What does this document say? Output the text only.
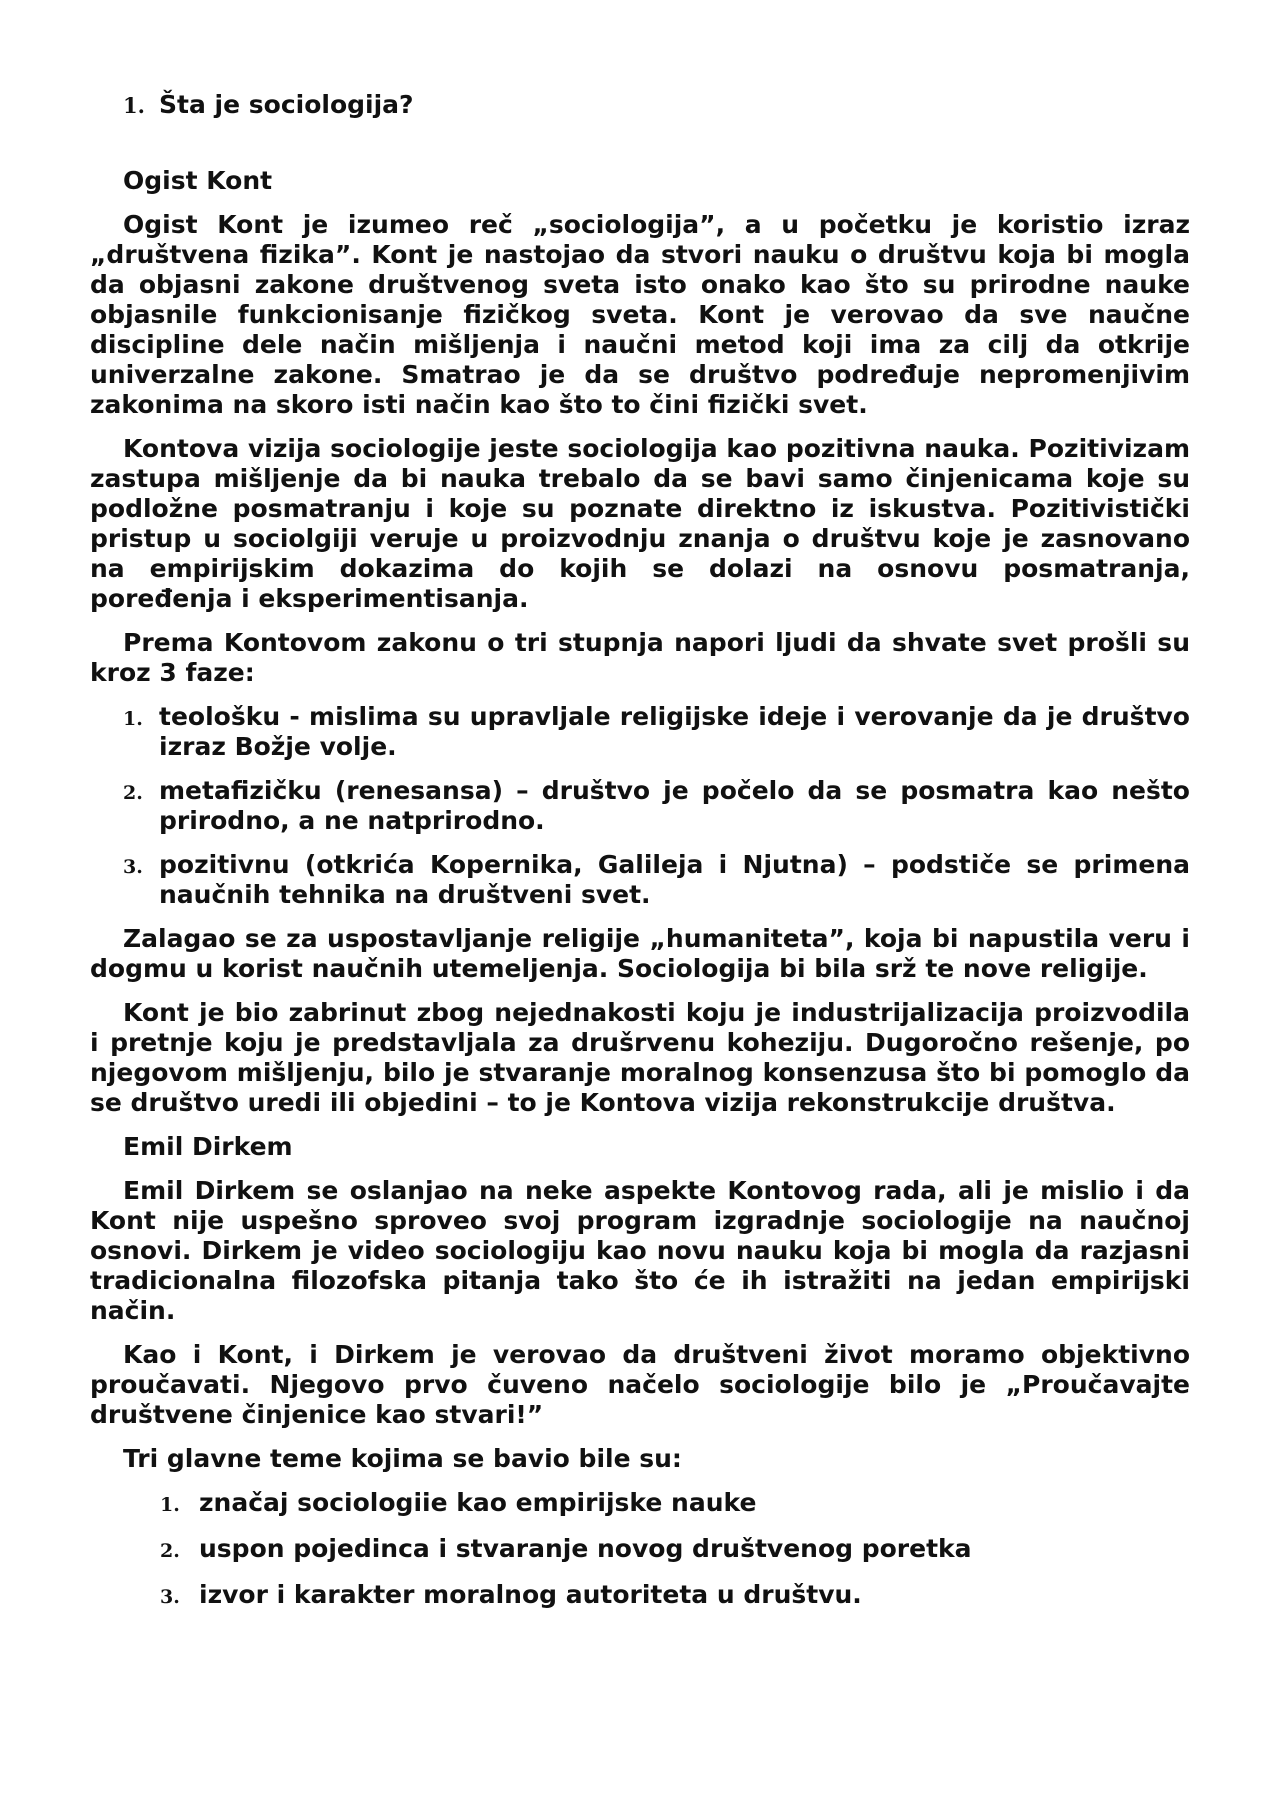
1. Šta je sociologija?
Ogist Kont

Ogist Kont je izumeo reč „sociologija”, a u početku je koristio izraz „društvena fizika”. Kont je nastojao da stvori nauku o društvu koja bi mogla da objasni zakone društvenog sveta isto onako kao što su prirodne nauke objasnile funkcionisanje fizičkog sveta. Kont je verovao da sve naučne discipline dele način mišljenja i naučni metod koji ima za cilj da otkrije univerzalne zakone. Smatrao je da se društvo podređuje nepromenjivim zakonima na skoro isti način kao što to čini fizički svet.

Kontova vizija sociologije jeste sociologija kao pozitivna nauka. Pozitivizam zastupa mišljenje da bi nauka trebalo da se bavi samo činjenicama koje su podložne posmatranju i koje su poznate direktno iz iskustva. Pozitivistički pristup u sociolgiji veruje u proizvodnju znanja o društvu koje je zasnovano na empirijskim dokazima do kojih se dolazi na osnovu posmatranja, poređenja i eksperimentisanja.

Prema Kontovom zakonu o tri stupnja napori ljudi da shvate svet prošli su kroz 3 faze:

1. teološku - mislima su upravljale religijske ideje i verovanje da je društvo izraz Božje volje.
2. metafizičku (renesansa) – društvo je počelo da se posmatra kao nešto prirodno, a ne natprirodno.
3. pozitivnu (otkrića Kopernika, Galileja i Njutna) – podstiče se primena naučnih tehnika na društveni svet.

Zalagao se za uspostavljanje religije „humaniteta”, koja bi napustila veru i dogmu u korist naučnih utemeljenja. Sociologija bi bila srž te nove religije.

Kont je bio zabrinut zbog nejednakosti koju je industrijalizacija proizvodila i pretnje koju je predstavljala za drušrvenu koheziju. Dugoročno rešenje, po njegovom mišljenju, bilo je stvaranje moralnog konsenzusa što bi pomoglo da se društvo uredi ili objedini – to je Kontova vizija rekonstrukcije društva.

Emil Dirkem

Emil Dirkem se oslanjao na neke aspekte Kontovog rada, ali je mislio i da Kont nije uspešno sproveo svoj program izgradnje sociologije na naučnoj osnovi. Dirkem je video sociologiju kao novu nauku koja bi mogla da razjasni tradicionalna filozofska pitanja tako što će ih istražiti na jedan empirijski način.

Kao i Kont, i Dirkem je verovao da društveni život moramo objektivno proučavati. Njegovo prvo čuveno načelo sociologije bilo je „Proučavajte društvene činjenice kao stvari!”

Tri glavne teme kojima se bavio bile su:

1. značaj sociologiie kao empirijske nauke
2. uspon pojedinca i stvaranje novog društvenog poretka
3. izvor i karakter moralnog autoriteta u društvu.
